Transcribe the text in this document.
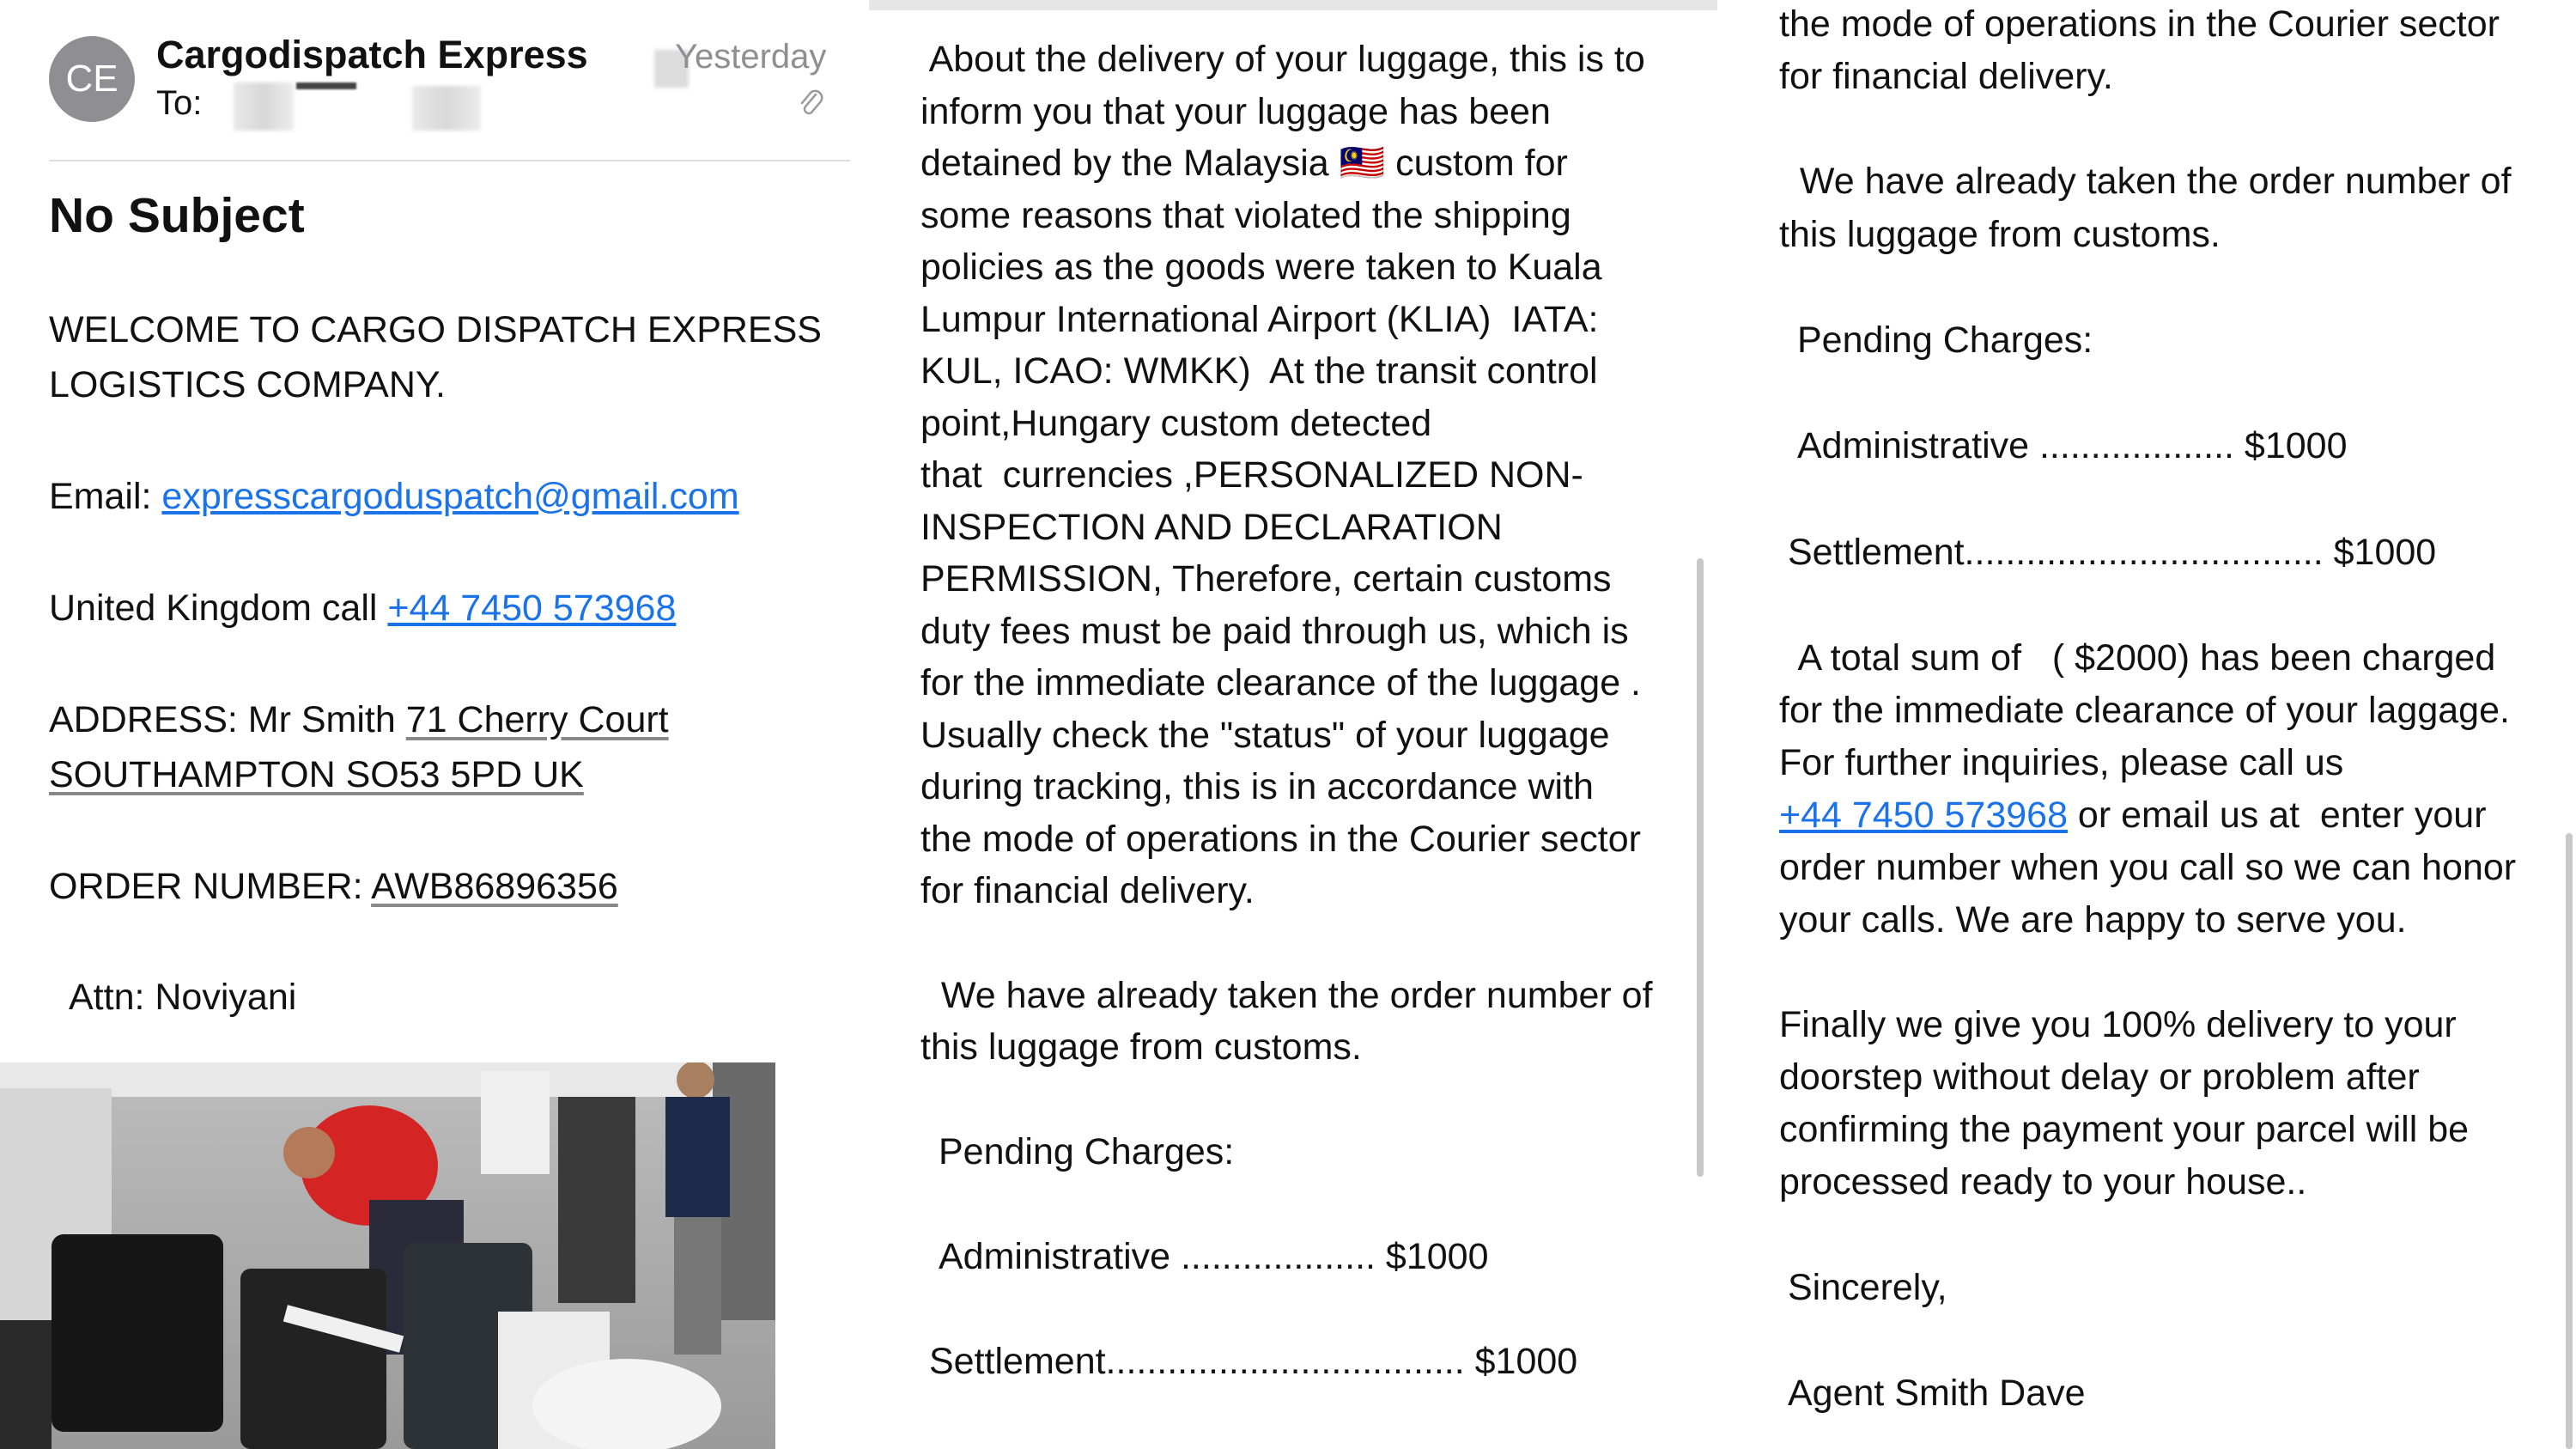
CE
Cargodispatch Express
To:
Yesterday
No Subject
WELCOME TO CARGO DISPATCH EXPRESS
LOGISTICS COMPANY.
Email: expresscargoduspatch@gmail.com
United Kingdom call +44 7450 573968
ADDRESS: Mr Smith 71 Cherry Court
SOUTHAMPTON SO53 5PD UK
ORDER NUMBER: AWB86896356
Attn: Noviyani
About the delivery of your luggage, this is to
inform you that your luggage has been
detained by the Malaysia 🇲🇾 custom for
some reasons that violated the shipping
policies as the goods were taken to Kuala
Lumpur International Airport (KLIA)  IATA:
KUL, ICAO: WMKK)  At the transit control
point,Hungary custom detected
that  currencies ,PERSONALIZED NON-
INSPECTION AND DECLARATION
PERMISSION, Therefore, certain customs
duty fees must be paid through us, which is
for the immediate clearance of the luggage .
Usually check the "status" of your luggage
during tracking, this is in accordance with
the mode of operations in the Courier sector
for financial delivery.
We have already taken the order number of
this luggage from customs.
Pending Charges:
Administrative ................... $1000
Settlement................................... $1000
the mode of operations in the Courier sector
for financial delivery.
We have already taken the order number of
this luggage from customs.
Pending Charges:
Administrative ................... $1000
Settlement................................... $1000
A total sum of   ( $2000) has been charged
for the immediate clearance of your laggage.
For further inquiries, please call us
+44 7450 573968 or email us at  enter your
order number when you call so we can honor
your calls. We are happy to serve you.
Finally we give you 100% delivery to your
doorstep without delay or problem after
confirming the payment your parcel will be
processed ready to your house..
Sincerely,
Agent Smith Dave
